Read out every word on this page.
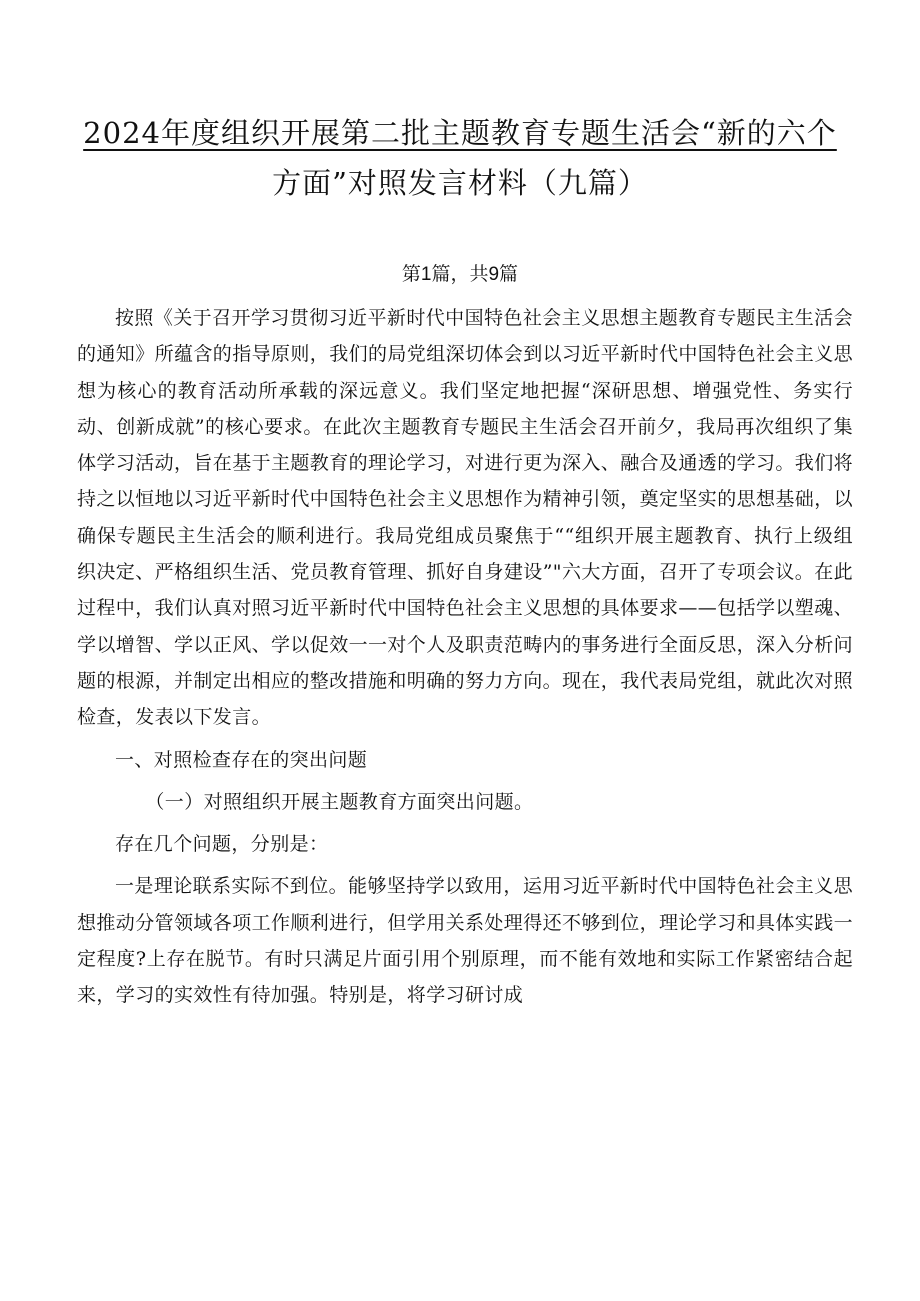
2024年度组织开展第二批主题教育专题生活会“新的六个
方面”对照发言材料（九篇）
第1篇，共9篇

按照《关于召开学习贯彻习近平新时代中国特色社会主义思想主题教育专题民主生活会的通知》所蕴含的指导原则，我们的局党组深切体会到以习近平新时代中国特色社会主义思想为核心的教育活动所承载的深远意义。我们坚定地把握“深研思想、增强党性、务实行动、创新成就”的核心要求。在此次主题教育专题民主生活会召开前夕，我局再次组织了集体学习活动，旨在基于主题教育的理论学习，对进行更为深入、融合及通透的学习。我们将持之以恒地以习近平新时代中国特色社会主义思想作为精神引领，奠定坚实的思想基础，以确保专题民主生活会的顺利进行。我局党组成员聚焦于““组织开展主题教育、执行上级组织决定、严格组织生活、党员教育管理、抓好自身建设”"六大方面，召开了专项会议。在此过程中，我们认真对照习近平新时代中国特色社会主义思想的具体要求——包括学以塑魂、学以增智、学以正风、学以促效一一对个人及职责范畴内的事务进行全面反思，深入分析问题的根源，并制定出相应的整改措施和明确的努力方向。现在，我代表局党组，就此次对照检查，发表以下发言。

一、对照检查存在的突出问题

（一）对照组织开展主题教育方面突出问题。

存在几个问题，分别是：

一是理论联系实际不到位。能够坚持学以致用，运用习近平新时代中国特色社会主义思想推动分管领域各项工作顺利进行，但学用关系处理得还不够到位，理论学习和具体实践一定程度?上存在脱节。有时只满足片面引用个别原理，而不能有效地和实际工作紧密结合起来，学习的实效性有待加强。特别是，将学习研讨成
